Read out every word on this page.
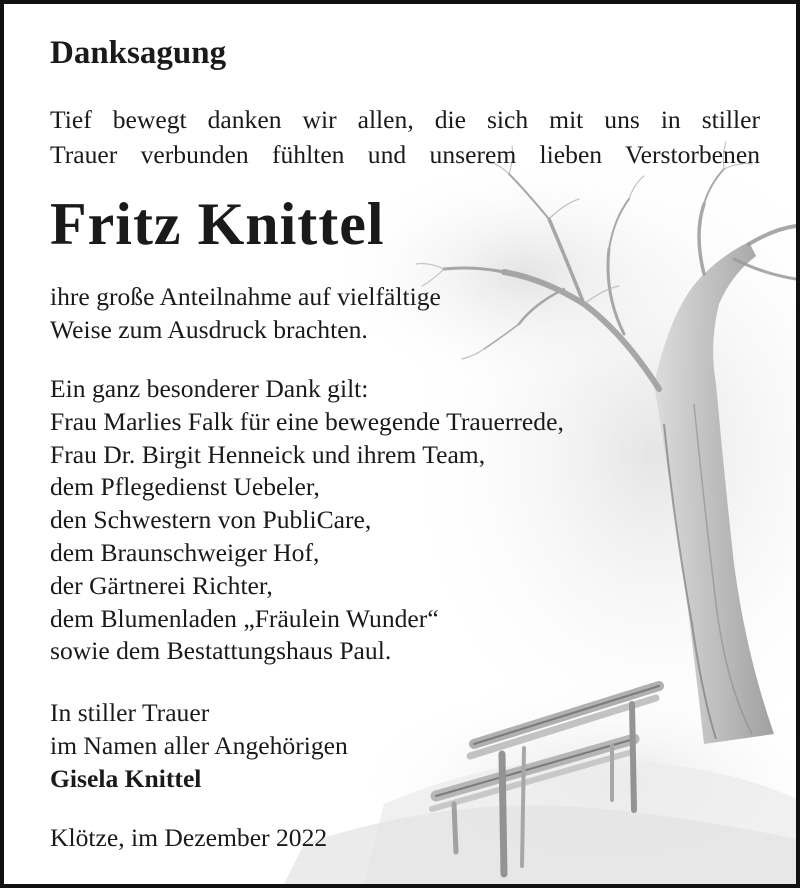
Danksagung
Tief bewegt danken wir allen, die sich mit uns in stiller
Trauer verbunden fühlten und unserem lieben Verstorbenen
Fritz Knittel
ihre große Anteilnahme auf vielfältige
Weise zum Ausdruck brachten.
Ein ganz besonderer Dank gilt:
Frau Marlies Falk für eine bewegende Trauerrede,
Frau Dr. Birgit Henneick und ihrem Team,
dem Pflegedienst Uebeler,
den Schwestern von PubliCare,
dem Braunschweiger Hof,
der Gärtnerei Richter,
dem Blumenladen „Fräulein Wunder“
sowie dem Bestattungshaus Paul.
In stiller Trauer
im Namen aller Angehörigen
Gisela Knittel

Klötze, im Dezember 2022
